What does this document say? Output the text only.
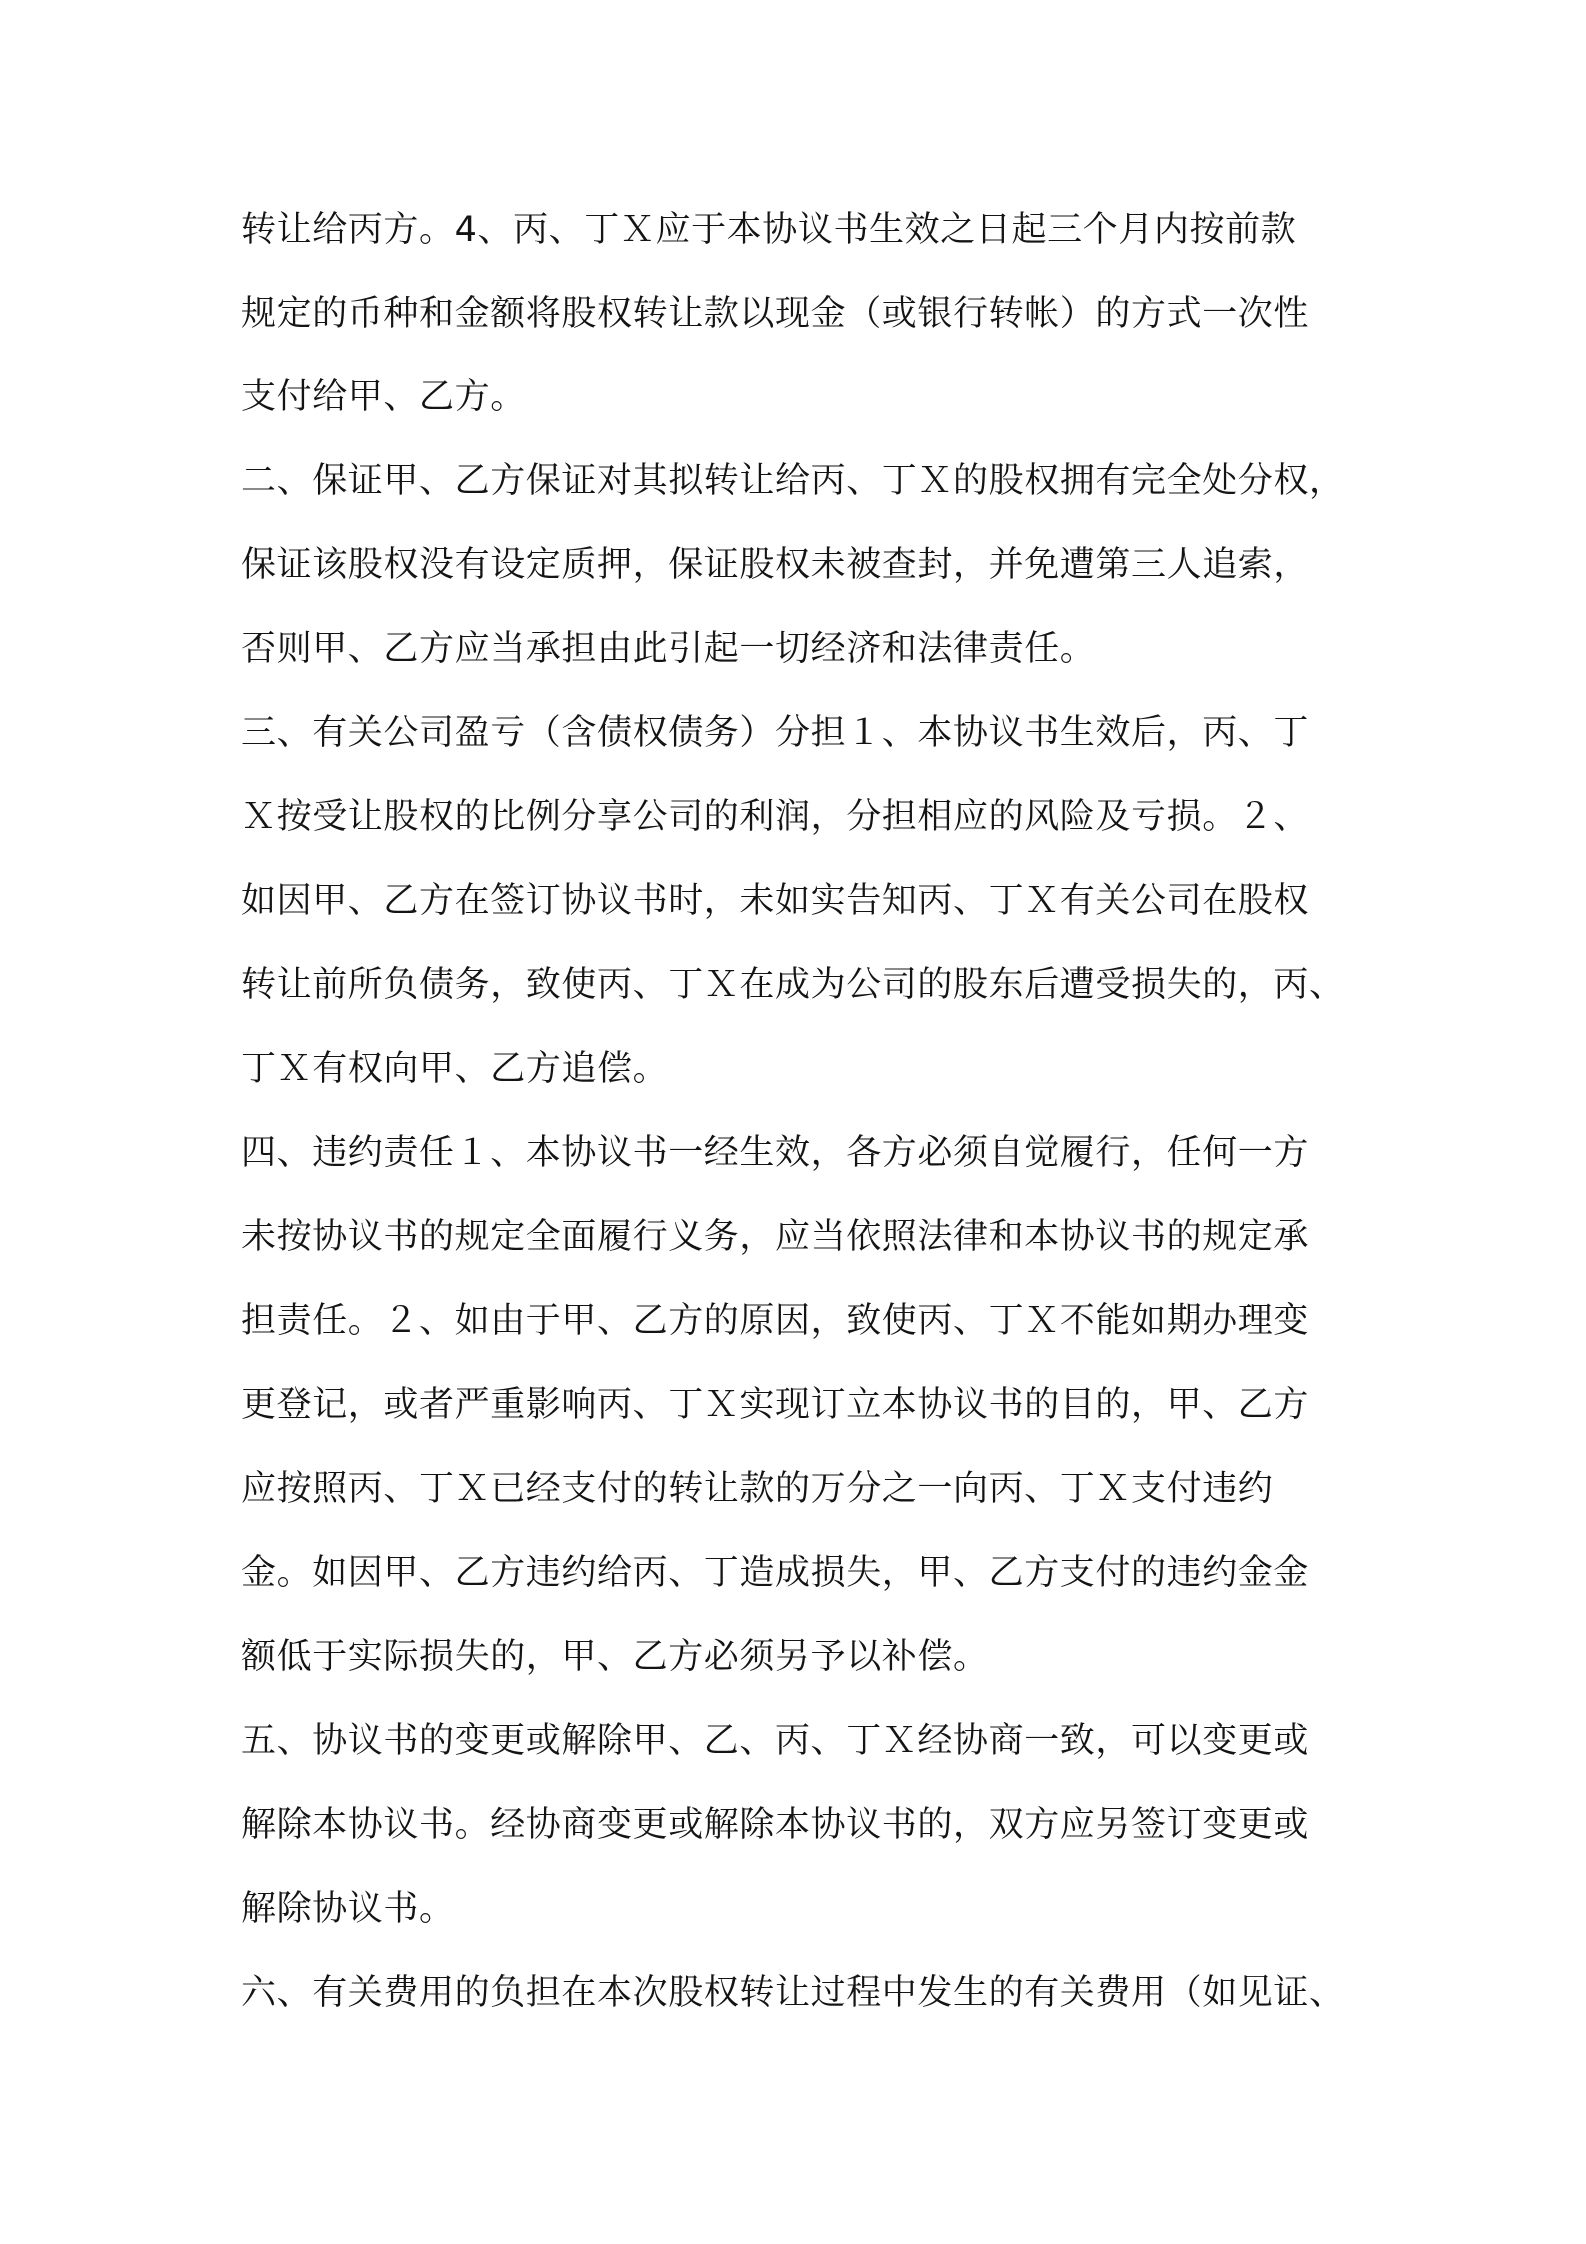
转让给丙方。4、丙、丁Ｘ应于本协议书生效之日起三个月内按前款
规定的币种和金额将股权转让款以现金（或银行转帐）的方式一次性
支付给甲、乙方。
二、保证甲、乙方保证对其拟转让给丙、丁Ｘ的股权拥有完全处分权，
保证该股权没有设定质押，保证股权未被查封，并免遭第三人追索，
否则甲、乙方应当承担由此引起一切经济和法律责任。
三、有关公司盈亏（含债权债务）分担１、本协议书生效后，丙、丁
Ｘ按受让股权的比例分享公司的利润，分担相应的风险及亏损。２、
如因甲、乙方在签订协议书时，未如实告知丙、丁Ｘ有关公司在股权
转让前所负债务，致使丙、丁Ｘ在成为公司的股东后遭受损失的，丙、
丁Ｘ有权向甲、乙方追偿。
四、违约责任１、本协议书一经生效，各方必须自觉履行，任何一方
未按协议书的规定全面履行义务，应当依照法律和本协议书的规定承
担责任。２、如由于甲、乙方的原因，致使丙、丁Ｘ不能如期办理变
更登记，或者严重影响丙、丁Ｘ实现订立本协议书的目的，甲、乙方
应按照丙、丁Ｘ已经支付的转让款的万分之一向丙、丁Ｘ支付违约
金。如因甲、乙方违约给丙、丁造成损失，甲、乙方支付的违约金金
额低于实际损失的，甲、乙方必须另予以补偿。
五、协议书的变更或解除甲、乙、丙、丁Ｘ经协商一致，可以变更或
解除本协议书。经协商变更或解除本协议书的，双方应另签订变更或
解除协议书。
六、有关费用的负担在本次股权转让过程中发生的有关费用（如见证、
